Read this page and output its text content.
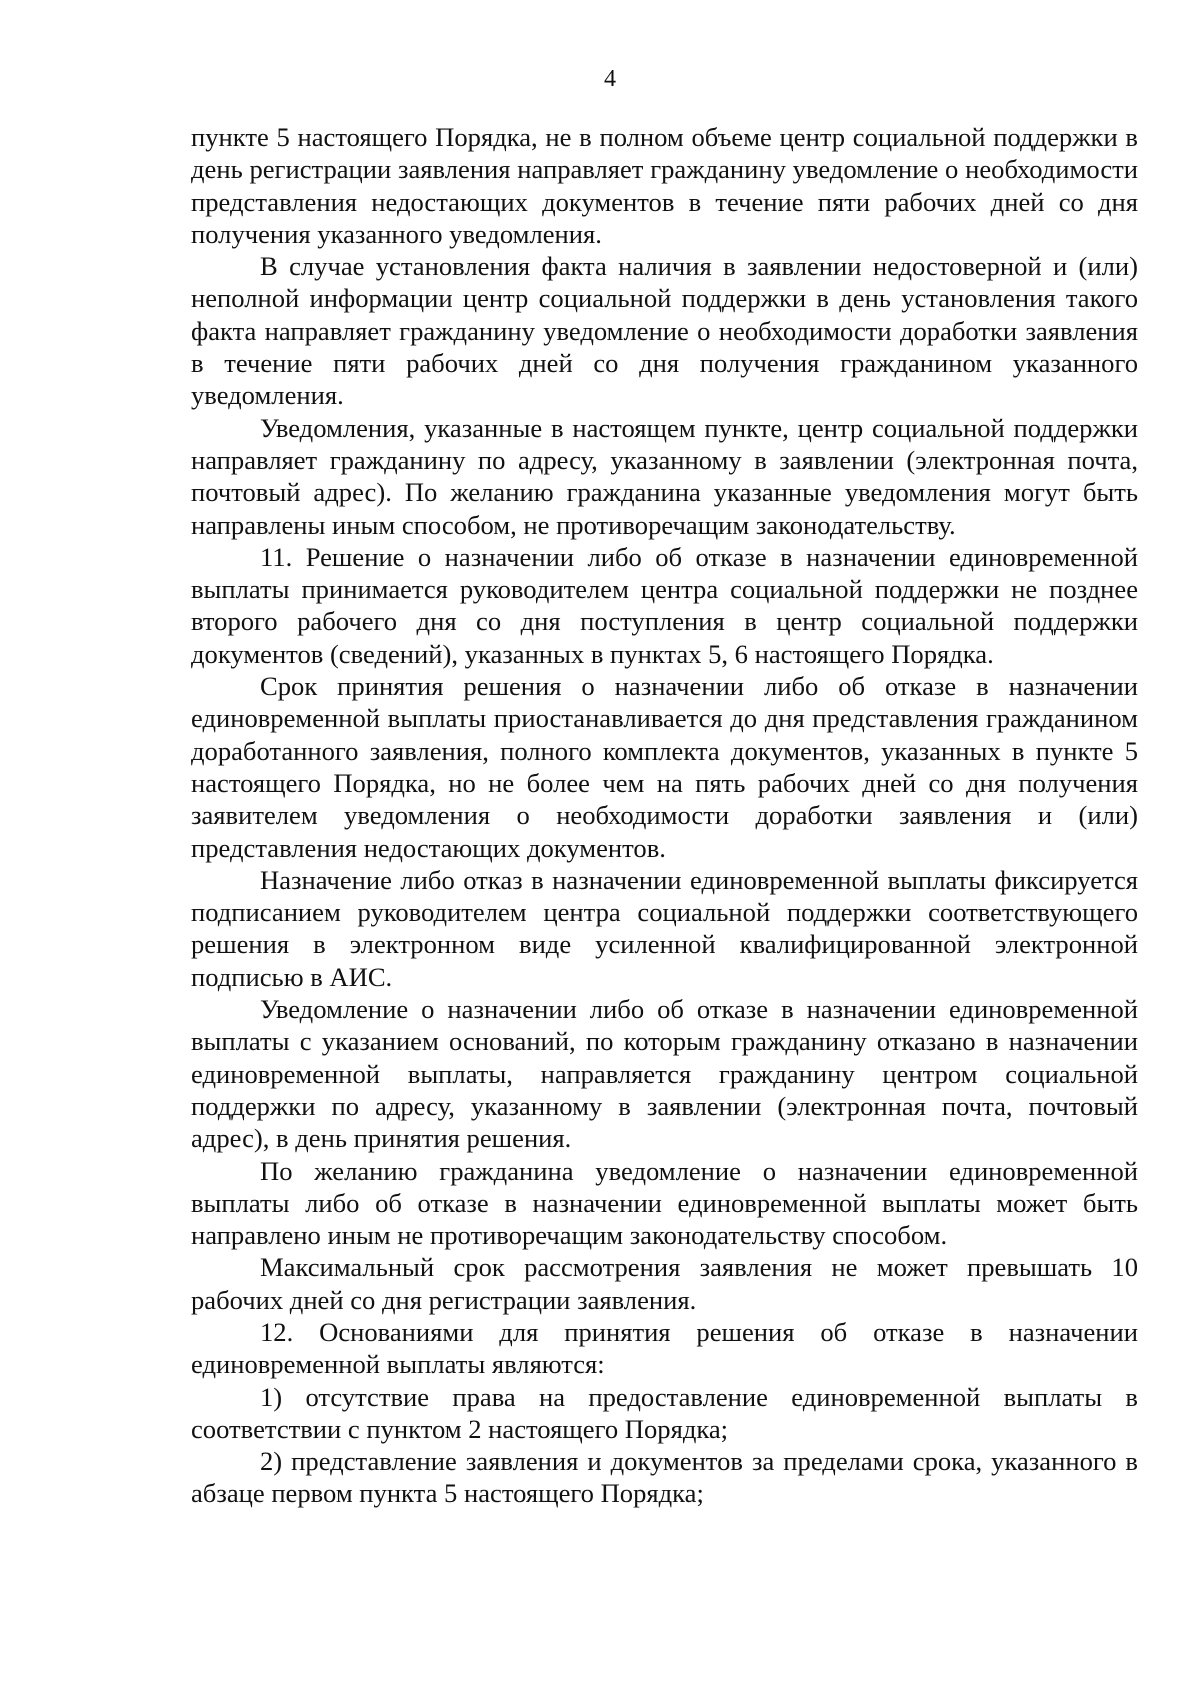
4

пункте 5 настоящего Порядка, не в полном объеме центр социальной поддержки в день регистрации заявления направляет гражданину уведомление о необходимости представления недостающих документов в течение пяти рабочих дней со дня получения указанного уведомления.

В случае установления факта наличия в заявлении недостоверной и (или) неполной информации центр социальной поддержки в день установления такого факта направляет гражданину уведомление о необходимости доработки заявления в течение пяти рабочих дней со дня получения гражданином указанного уведомления.

Уведомления, указанные в настоящем пункте, центр социальной поддержки направляет гражданину по адресу, указанному в заявлении (электронная почта, почтовый адрес). По желанию гражданина указанные уведомления могут быть направлены иным способом, не противоречащим законодательству.

11. Решение о назначении либо об отказе в назначении единовременной выплаты принимается руководителем центра социальной поддержки не позднее второго рабочего дня со дня поступления в центр социальной поддержки документов (сведений), указанных в пунктах 5, 6 настоящего Порядка.

Срок принятия решения о назначении либо об отказе в назначении единовременной выплаты приостанавливается до дня представления гражданином доработанного заявления, полного комплекта документов, указанных в пункте 5 настоящего Порядка, но не более чем на пять рабочих дней со дня получения заявителем уведомления о необходимости доработки заявления и (или) представления недостающих документов.

Назначение либо отказ в назначении единовременной выплаты фиксируется подписанием руководителем центра социальной поддержки соответствующего решения в электронном виде усиленной квалифицированной электронной подписью в АИС.

Уведомление о назначении либо об отказе в назначении единовременной выплаты с указанием оснований, по которым гражданину отказано в назначении единовременной выплаты, направляется гражданину центром социальной поддержки по адресу, указанному в заявлении (электронная почта, почтовый адрес), в день принятия решения.

По желанию гражданина уведомление о назначении единовременной выплаты либо об отказе в назначении единовременной выплаты может быть направлено иным не противоречащим законодательству способом.

Максимальный срок рассмотрения заявления не может превышать 10 рабочих дней со дня регистрации заявления.

12. Основаниями для принятия решения об отказе в назначении единовременной выплаты являются:

1) отсутствие права на предоставление единовременной выплаты в соответствии с пунктом 2 настоящего Порядка;

2) представление заявления и документов за пределами срока, указанного в абзаце первом пункта 5 настоящего Порядка;
